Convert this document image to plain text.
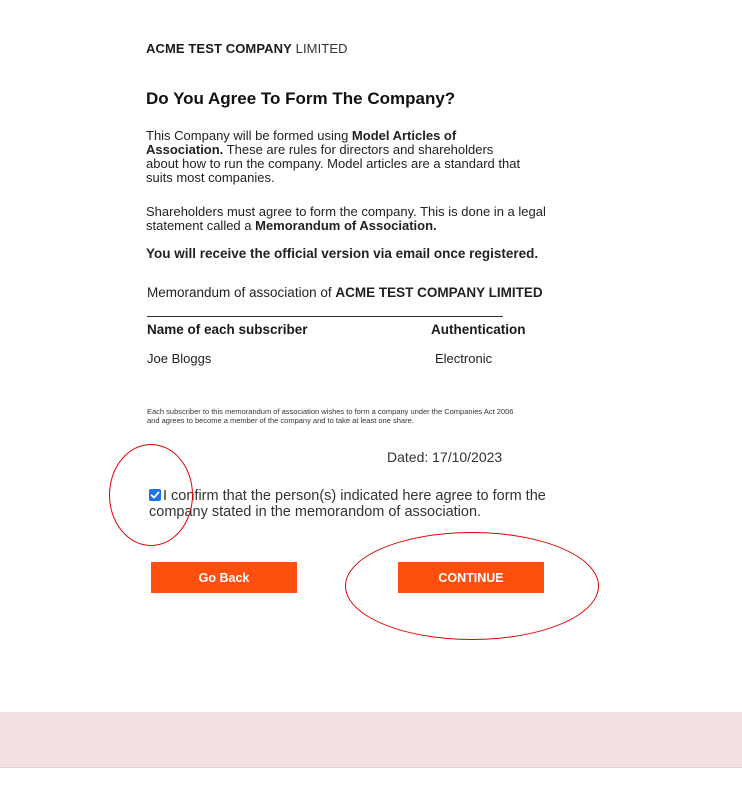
ACME TEST COMPANY LIMITED
Do You Agree To Form The Company?

This Company will be formed using Model Articles of Association. These are rules for directors and shareholders about how to run the company. Model articles are a standard that suits most companies.

Shareholders must agree to form the company. This is done in a legal statement called a Memorandum of Association.

You will receive the official version via email once registered.

Memorandum of association of ACME TEST COMPANY LIMITED
Name of each subscriber	Authentication
Joe Bloggs	Electronic
Each subscriber to this memorandum of association wishes to form a company under the Companies Act 2006 and agrees to become a member of the company and to take at least one share.
Dated: 17/10/2023
I confirm that the person(s) indicated here agree to form the company stated in the memorandom of association.
Go Back	CONTINUE
